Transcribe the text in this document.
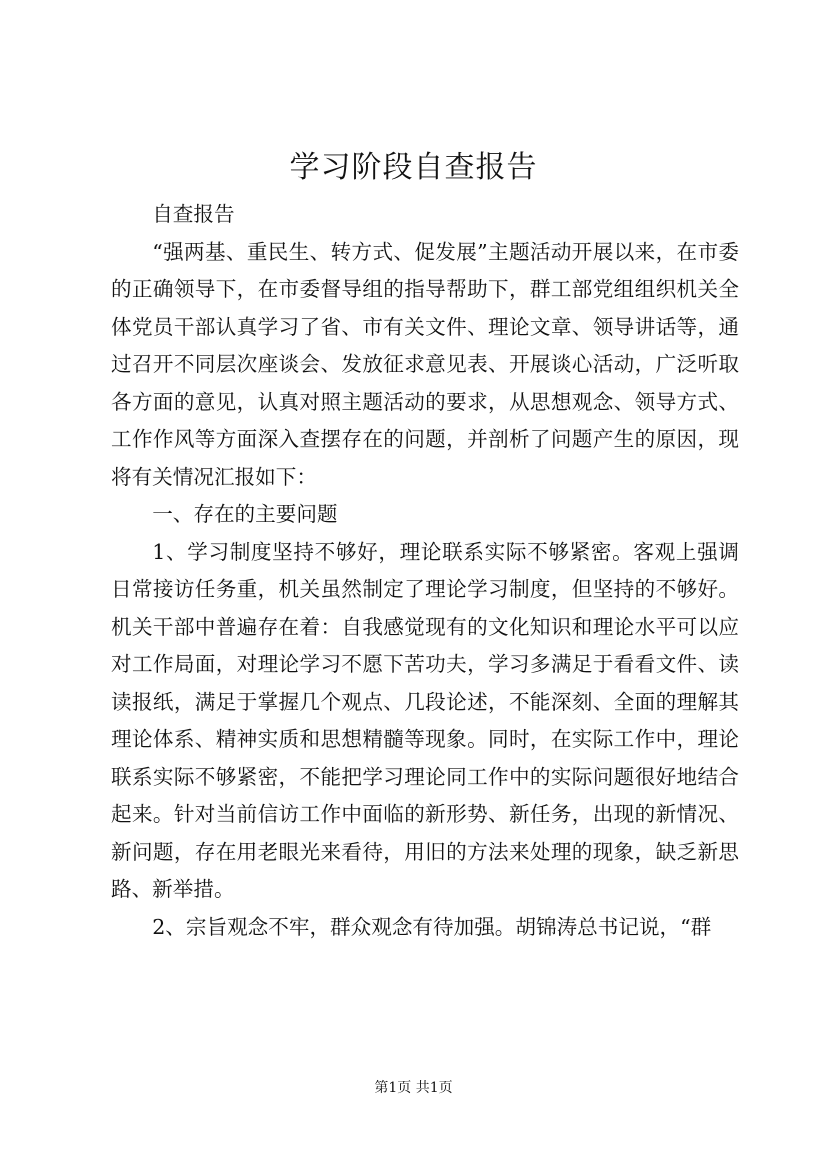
学习阶段自查报告

自查报告

“强两基、重民生、转方式、促发展”主题活动开展以来，在市委的正确领导下，在市委督导组的指导帮助下，群工部党组组织机关全体党员干部认真学习了省、市有关文件、理论文章、领导讲话等，通过召开不同层次座谈会、发放征求意见表、开展谈心活动，广泛听取各方面的意见，认真对照主题活动的要求，从思想观念、领导方式、工作作风等方面深入查摆存在的问题，并剖析了问题产生的原因，现将有关情况汇报如下：

一、存在的主要问题

1、学习制度坚持不够好，理论联系实际不够紧密。客观上强调日常接访任务重，机关虽然制定了理论学习制度，但坚持的不够好。机关干部中普遍存在着：自我感觉现有的文化知识和理论水平可以应对工作局面，对理论学习不愿下苦功夫，学习多满足于看看文件、读读报纸，满足于掌握几个观点、几段论述，不能深刻、全面的理解其理论体系、精神实质和思想精髓等现象。同时，在实际工作中，理论联系实际不够紧密，不能把学习理论同工作中的实际问题很好地结合起来。针对当前信访工作中面临的新形势、新任务，出现的新情况、新问题，存在用老眼光来看待，用旧的方法来处理的现象，缺乏新思路、新举措。

2、宗旨观念不牢，群众观念有待加强。胡锦涛总书记说，“群

第1页 共1页
